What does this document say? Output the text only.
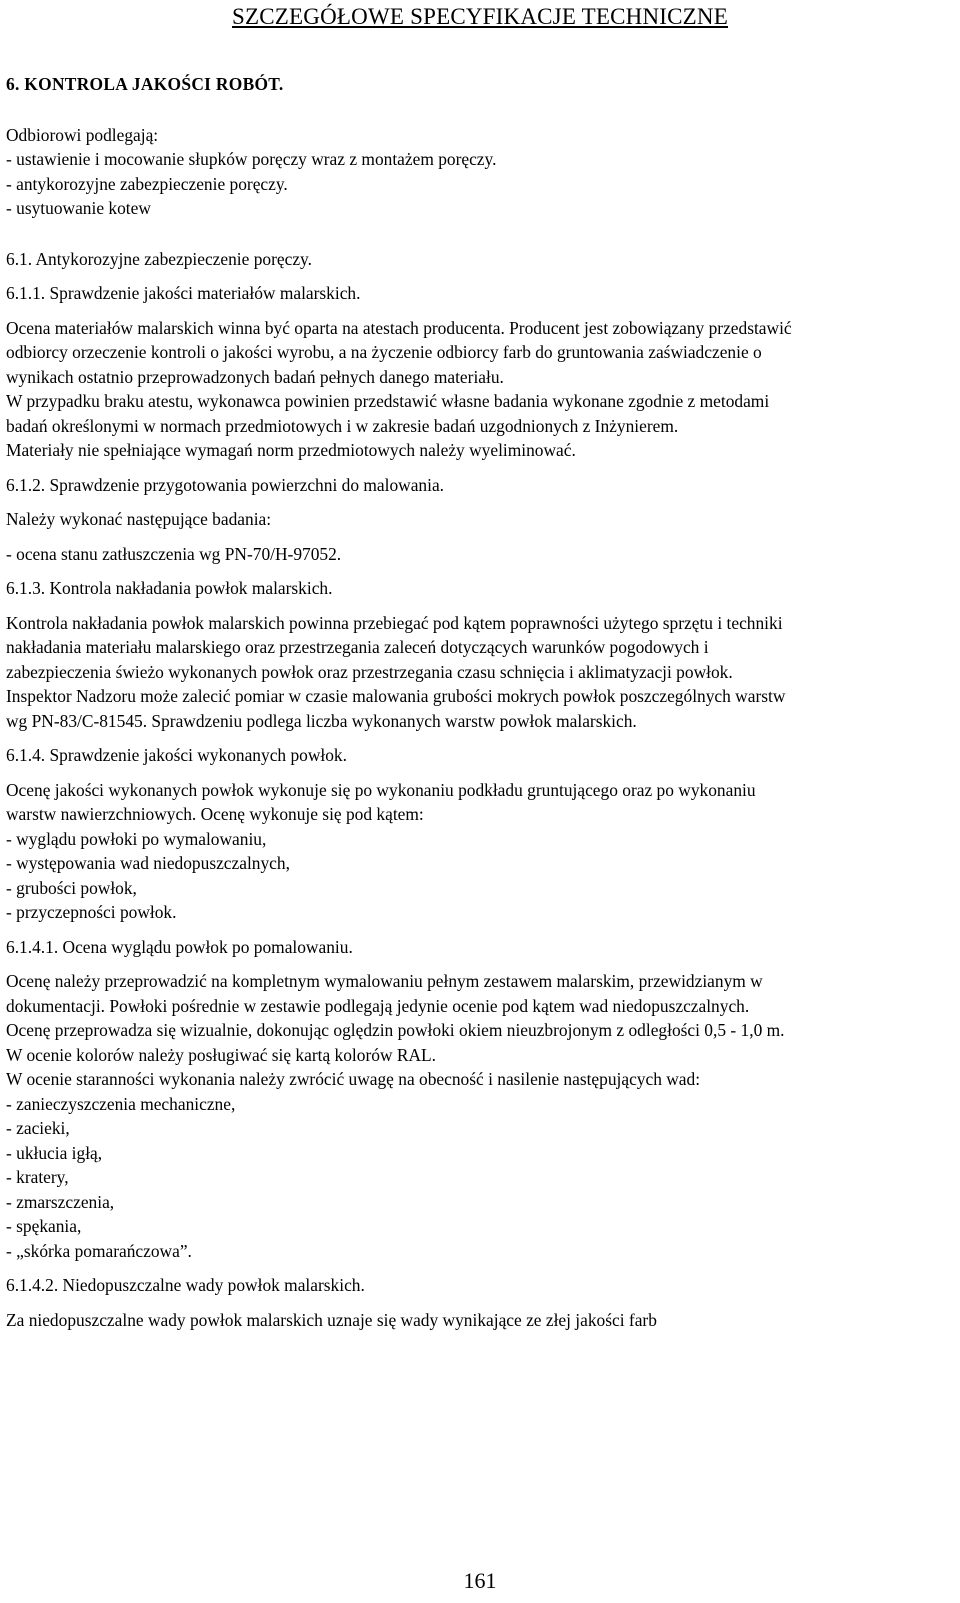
SZCZEGÓŁOWE SPECYFIKACJE TECHNICZNE

6. KONTROLA JAKOŚCI ROBÓT.

Odbiorowi podlegają:

- ustawienie i mocowanie słupków poręczy wraz z montażem poręczy.

- antykorozyjne zabezpieczenie poręczy.

- usytuowanie kotew

6.1. Antykorozyjne zabezpieczenie poręczy.

6.1.1. Sprawdzenie jakości materiałów malarskich.

Ocena materiałów malarskich winna być oparta na atestach producenta. Producent jest zobowiązany przedstawić

odbiorcy orzeczenie kontroli o jakości wyrobu, a na życzenie odbiorcy farb do gruntowania zaświadczenie o

wynikach ostatnio przeprowadzonych badań pełnych danego materiału.

W przypadku braku atestu, wykonawca powinien przedstawić własne badania wykonane zgodnie z metodami

badań określonymi w normach przedmiotowych i w zakresie badań uzgodnionych z Inżynierem.

Materiały nie spełniające wymagań norm przedmiotowych należy wyeliminować.

6.1.2. Sprawdzenie przygotowania powierzchni do malowania.

Należy wykonać następujące badania:

- ocena stanu zatłuszczenia wg PN-70/H-97052.

6.1.3. Kontrola nakładania powłok malarskich.

Kontrola nakładania powłok malarskich powinna przebiegać pod kątem poprawności użytego sprzętu i techniki

nakładania materiału malarskiego oraz przestrzegania zaleceń dotyczących warunków pogodowych i

zabezpieczenia świeżo wykonanych powłok oraz przestrzegania czasu schnięcia i aklimatyzacji powłok.

Inspektor Nadzoru może zalecić pomiar w czasie malowania grubości mokrych powłok poszczególnych warstw

wg PN-83/C-81545. Sprawdzeniu podlega liczba wykonanych warstw powłok malarskich.

6.1.4. Sprawdzenie jakości wykonanych powłok.

Ocenę jakości wykonanych powłok wykonuje się po wykonaniu podkładu gruntującego oraz po wykonaniu

warstw nawierzchniowych. Ocenę wykonuje się pod kątem:

- wyglądu powłoki po wymalowaniu,

- występowania wad niedopuszczalnych,

- grubości powłok,

- przyczepności powłok.

6.1.4.1. Ocena wyglądu powłok po pomalowaniu.

Ocenę należy przeprowadzić na kompletnym wymalowaniu pełnym zestawem malarskim, przewidzianym w

dokumentacji. Powłoki pośrednie w zestawie podlegają jedynie ocenie pod kątem wad niedopuszczalnych.

Ocenę przeprowadza się wizualnie, dokonując oględzin powłoki okiem nieuzbrojonym z odległości 0,5 - 1,0 m.

W ocenie kolorów należy posługiwać się kartą kolorów RAL.

W ocenie staranności wykonania należy zwrócić uwagę na obecność i nasilenie następujących wad:

- zanieczyszczenia mechaniczne,

- zacieki,

- ukłucia igłą,

- kratery,

- zmarszczenia,

- spękania,

- „skórka pomarańczowa”.

6.1.4.2. Niedopuszczalne wady powłok malarskich.

Za niedopuszczalne wady powłok malarskich uznaje się wady wynikające ze złej jakości farb

161
